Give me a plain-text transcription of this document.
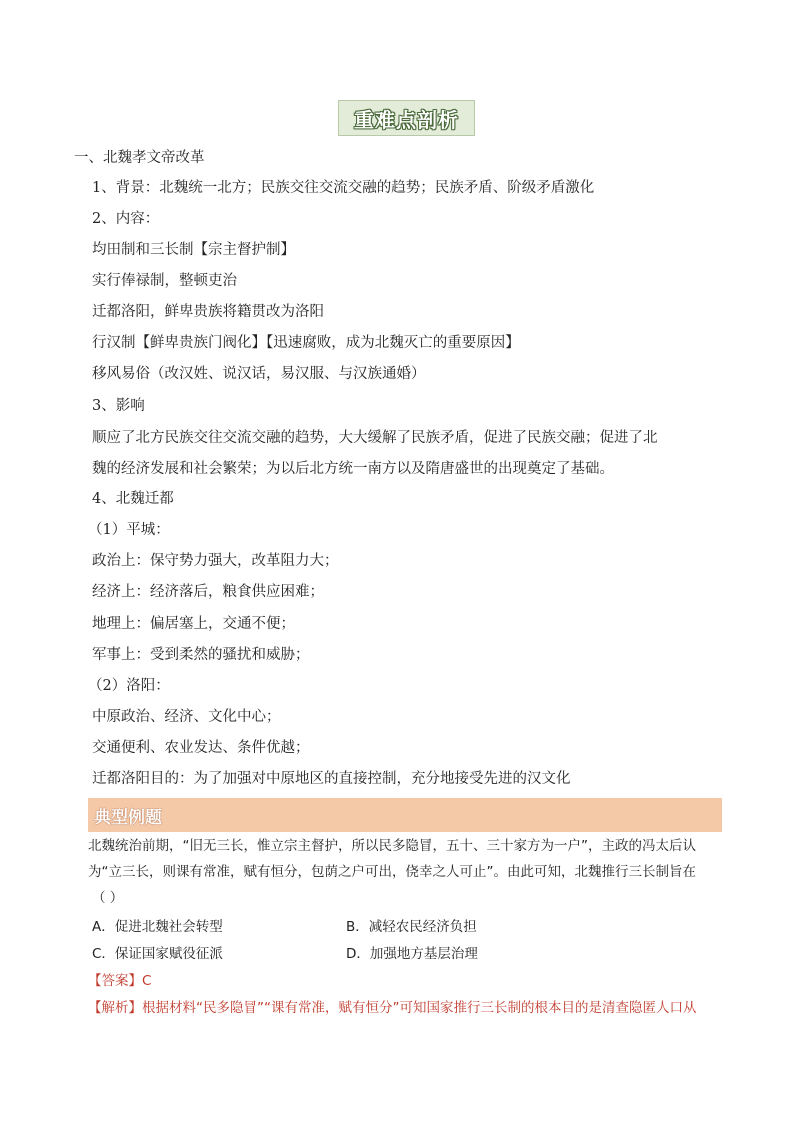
重难点剖析
一、北魏孝文帝改革
1、背景：北魏统一北方；民族交往交流交融的趋势；民族矛盾、阶级矛盾激化
2、内容：
均田制和三长制【宗主督护制】
实行俸禄制，整顿吏治
迁都洛阳，鲜卑贵族将籍贯改为洛阳
行汉制【鲜卑贵族门阀化】【迅速腐败，成为北魏灭亡的重要原因】
移风易俗（改汉姓、说汉话，易汉服、与汉族通婚）
3、影响
顺应了北方民族交往交流交融的趋势，大大缓解了民族矛盾，促进了民族交融；促进了北
魏的经济发展和社会繁荣；为以后北方统一南方以及隋唐盛世的出现奠定了基础。
4、北魏迁都
（1）平城：
政治上：保守势力强大，改革阻力大；
经济上：经济落后，粮食供应困难；
地理上：偏居塞上，交通不便；
军事上：受到柔然的骚扰和威胁；
（2）洛阳：
中原政治、经济、文化中心；
交通便利、农业发达、条件优越；
迁都洛阳目的：为了加强对中原地区的直接控制，充分地接受先进的汉文化
典型例题
北魏统治前期，“旧无三长，惟立宗主督护，所以民多隐冒，五十、三十家方为一户”，主政的冯太后认
为“立三长，则课有常准，赋有恒分，包荫之户可出，侥幸之人可止”。由此可知，北魏推行三长制旨在
（ ）
A．促进北魏社会转型	B．减轻农民经济负担
C．保证国家赋役征派	D．加强地方基层治理
【答案】C
【解析】根据材料“民多隐冒”“课有常准，赋有恒分”可知国家推行三长制的根本目的是清查隐匿人口从
